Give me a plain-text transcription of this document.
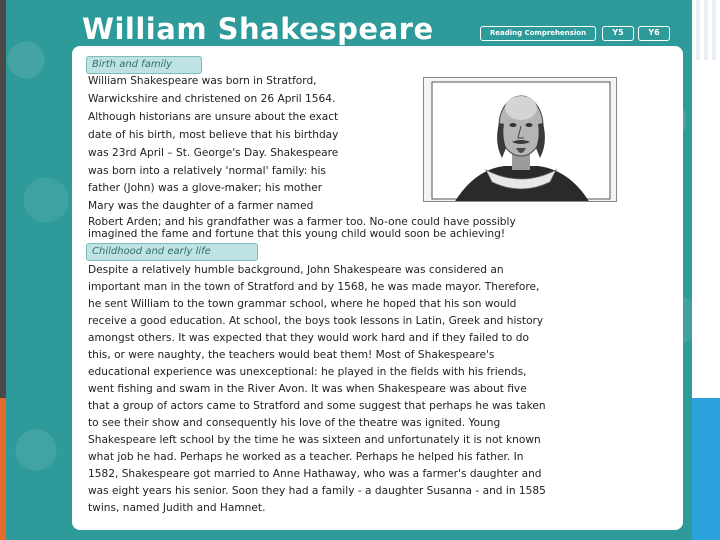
William Shakespeare	Reading Comprehension	Y5	Y6
Birth and family
William Shakespeare was born in Stratford,
Warwickshire and christened on 26 April 1564.
Although historians are unsure about the exact
date of his birth, most believe that his birthday
was 23rd April – St. George's Day. Shakespeare
was born into a relatively 'normal' family: his
father (John) was a glove-maker; his mother
Mary was the daughter of a farmer named
Robert Arden; and his grandfather was a farmer too. No-one could have possibly
imagined the fame and fortune that this young child would soon be achieving!
Childhood and early life
Despite a relatively humble background, John Shakespeare was considered an
important man in the town of Stratford and by 1568, he was made mayor. Therefore,
he sent William to the town grammar school, where he hoped that his son would
receive a good education. At school, the boys took lessons in Latin, Greek and history
amongst others. It was expected that they would work hard and if they failed to do
this, or were naughty, the teachers would beat them! Most of Shakespeare's
educational experience was unexceptional: he played in the fields with his friends,
went fishing and swam in the River Avon. It was when Shakespeare was about five
that a group of actors came to Stratford and some suggest that perhaps he was taken
to see their show and consequently his love of the theatre was ignited. Young
Shakespeare left school by the time he was sixteen and unfortunately it is not known
what job he had. Perhaps he worked as a teacher. Perhaps he helped his father. In
1582, Shakespeare got married to Anne Hathaway, who was a farmer's daughter and
was eight years his senior. Soon they had a family - a daughter Susanna - and in 1585
twins, named Judith and Hamnet.
